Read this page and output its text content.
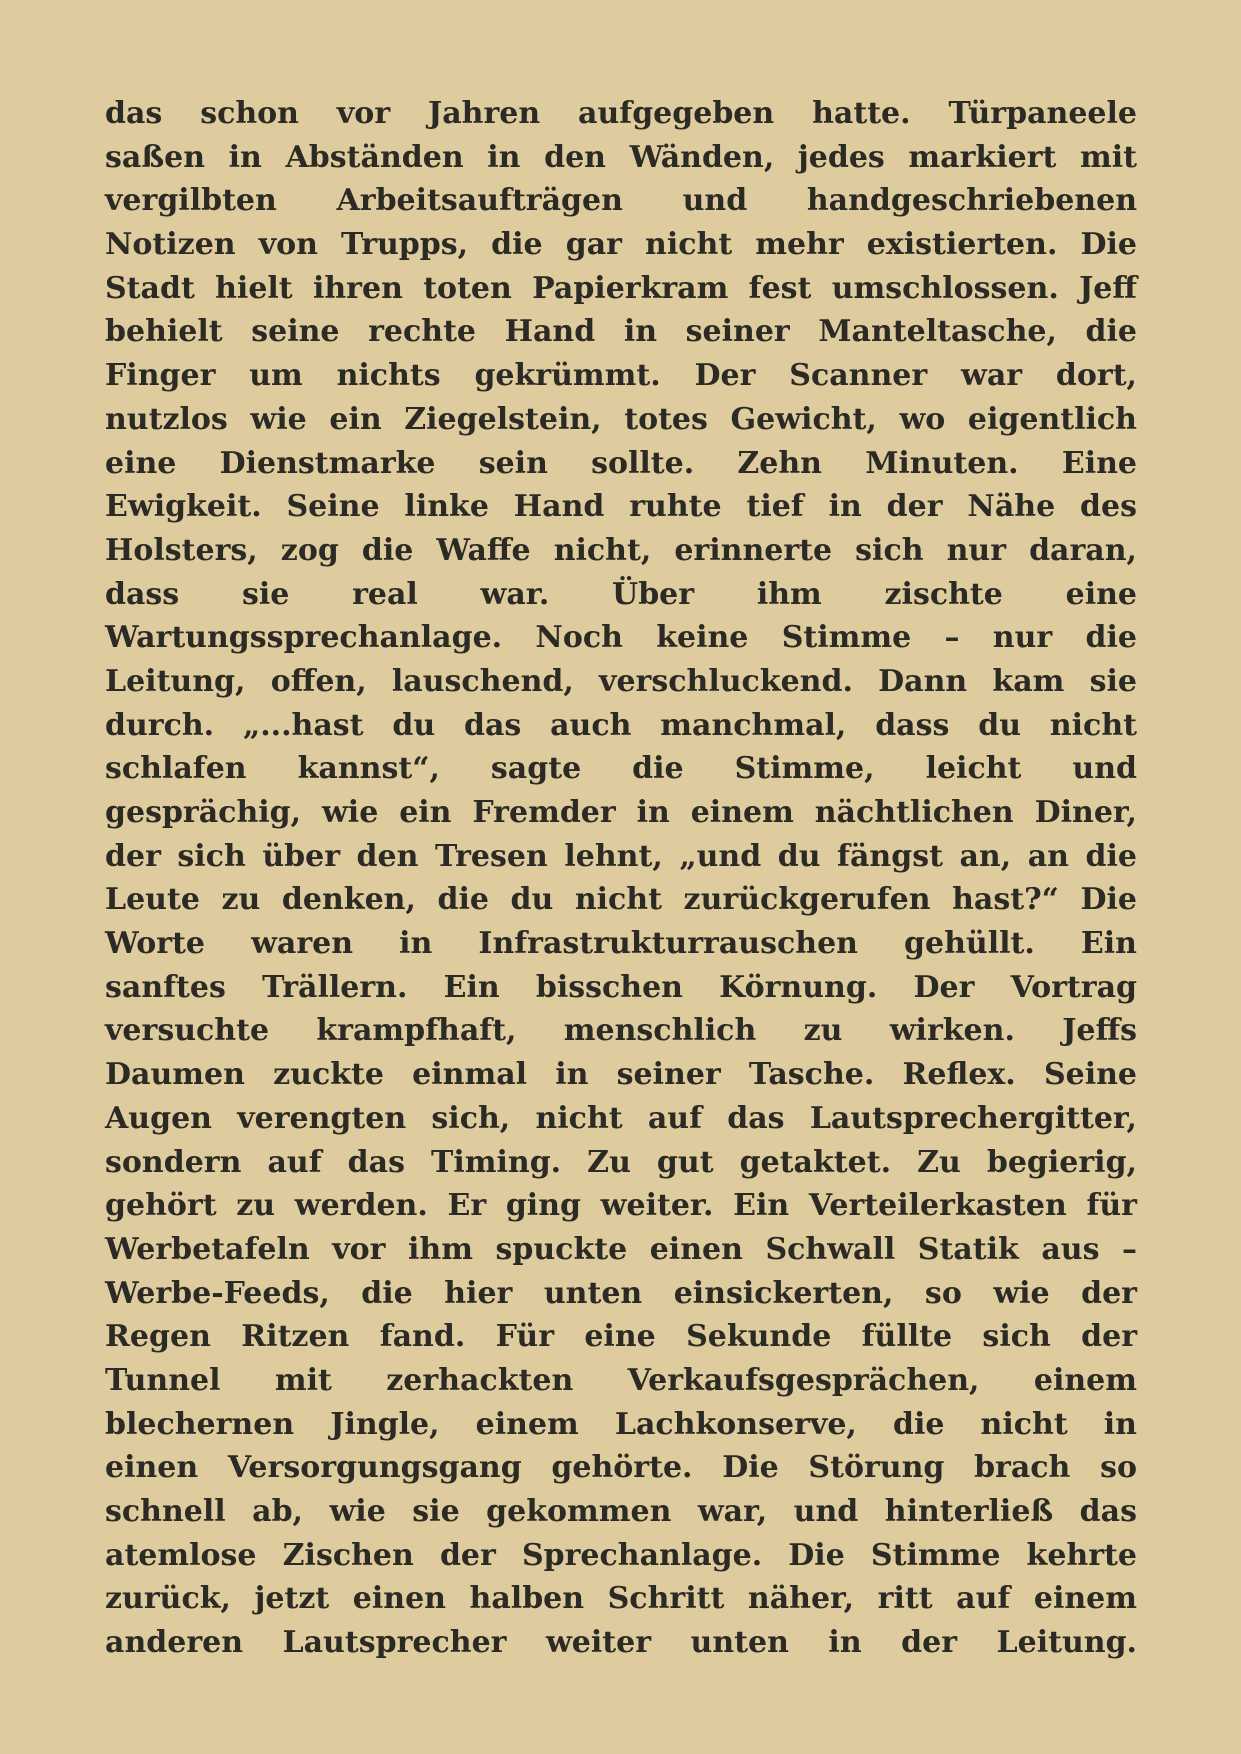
das schon vor Jahren aufgegeben hatte. Türpaneele
saßen in Abständen in den Wänden, jedes markiert mit
vergilbten Arbeitsaufträgen und handgeschriebenen
Notizen von Trupps, die gar nicht mehr existierten. Die
Stadt hielt ihren toten Papierkram fest umschlossen. Jeff
behielt seine rechte Hand in seiner Manteltasche, die
Finger um nichts gekrümmt. Der Scanner war dort,
nutzlos wie ein Ziegelstein, totes Gewicht, wo eigentlich
eine Dienstmarke sein sollte. Zehn Minuten. Eine
Ewigkeit. Seine linke Hand ruhte tief in der Nähe des
Holsters, zog die Waffe nicht, erinnerte sich nur daran,
dass sie real war. Über ihm zischte eine
Wartungssprechanlage. Noch keine Stimme – nur die
Leitung, offen, lauschend, verschluckend. Dann kam sie
durch. „...hast du das auch manchmal, dass du nicht
schlafen kannst“, sagte die Stimme, leicht und
gesprächig, wie ein Fremder in einem nächtlichen Diner,
der sich über den Tresen lehnt, „und du fängst an, an die
Leute zu denken, die du nicht zurückgerufen hast?“ Die
Worte waren in Infrastrukturrauschen gehüllt. Ein
sanftes Trällern. Ein bisschen Körnung. Der Vortrag
versuchte krampfhaft, menschlich zu wirken. Jeffs
Daumen zuckte einmal in seiner Tasche. Reflex. Seine
Augen verengten sich, nicht auf das Lautsprechergitter,
sondern auf das Timing. Zu gut getaktet. Zu begierig,
gehört zu werden. Er ging weiter. Ein Verteilerkasten für
Werbetafeln vor ihm spuckte einen Schwall Statik aus –
Werbe-Feeds, die hier unten einsickerten, so wie der
Regen Ritzen fand. Für eine Sekunde füllte sich der
Tunnel mit zerhackten Verkaufsgesprächen, einem
blechernen Jingle, einem Lachkonserve, die nicht in
einen Versorgungsgang gehörte. Die Störung brach so
schnell ab, wie sie gekommen war, und hinterließ das
atemlose Zischen der Sprechanlage. Die Stimme kehrte
zurück, jetzt einen halben Schritt näher, ritt auf einem
anderen Lautsprecher weiter unten in der Leitung.
